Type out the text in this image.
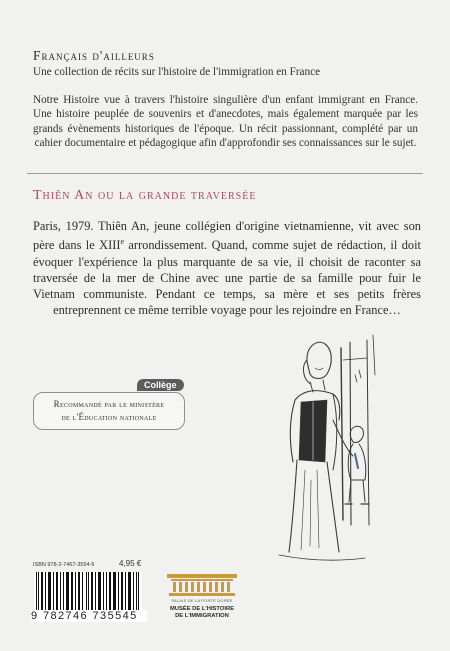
Français d'ailleurs
Une collection de récits sur l'histoire de l'immigration en France
Notre Histoire vue à travers l'histoire singulière d'un enfant immigrant en France. Une histoire peuplée de souvenirs et d'anecdotes, mais également marquée par les grands évènements historiques de l'époque. Un récit passionnant, complété par un cahier documentaire et pédagogique afin d'approfondir ses connaissances sur le sujet.
Thiên An ou la grande traversée
Paris, 1979. Thiên An, jeune collégien d'origine vietnamienne, vit avec son père dans le XIIIe arrondissement. Quand, comme sujet de rédaction, il doit évoquer l'expérience la plus marquante de sa vie, il choisit de raconter sa traversée de la mer de Chine avec une partie de sa famille pour fuir le Vietnam communiste. Pendant ce temps, sa mère et ses petits frères entreprennent ce même terrible voyage pour les rejoindre en France…
Collège
Recommandé par le ministère
de l'Éducation nationale
ISBN 978-2-7467-3554-5	4,95 €
9 782746 735545
PALAIS DE LA PORTE DORÉE
MUSÉE DE L'HISTOIRE
DE L'IMMIGRATION
